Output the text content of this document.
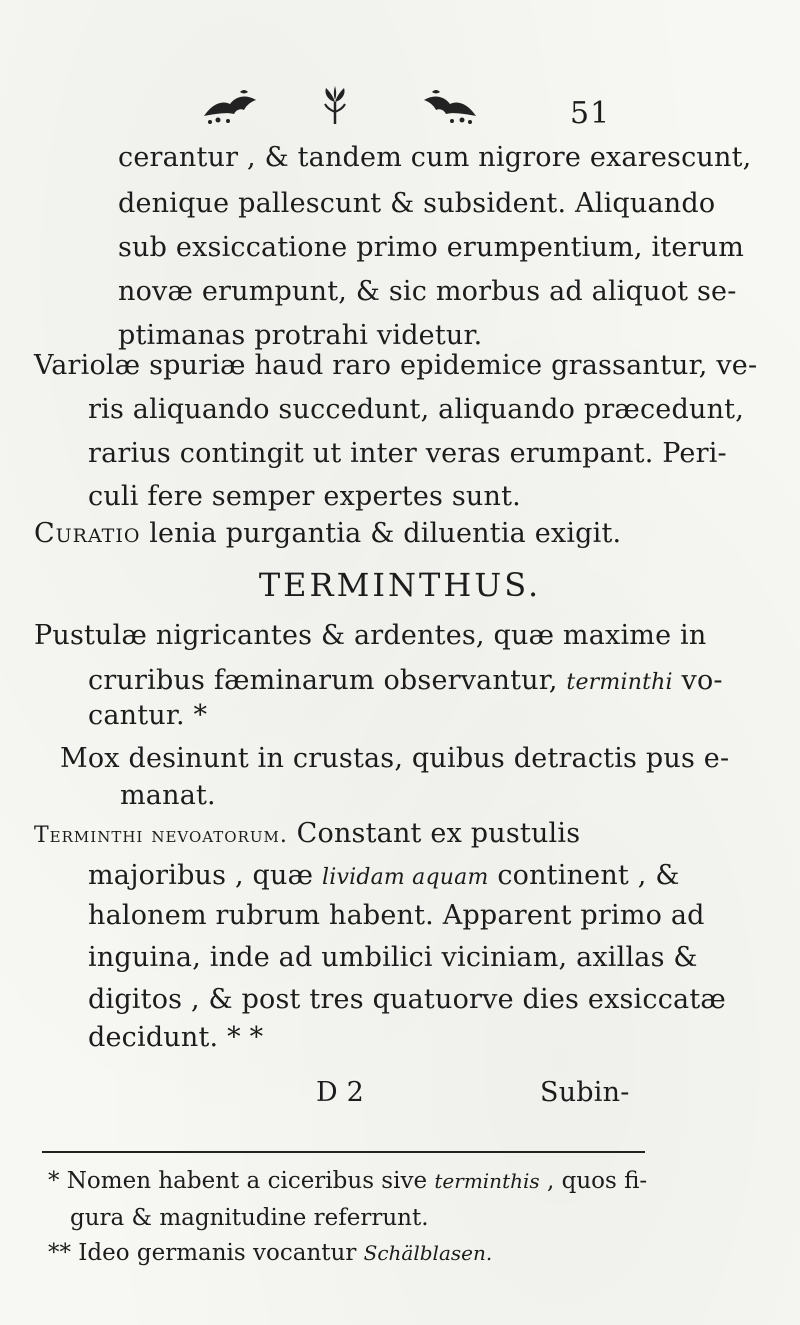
51
cerantur , & tandem cum nigrore exarescunt,
denique pallescunt & subsident. Aliquando
sub exsiccatione primo erumpentium, iterum
novæ erumpunt, & sic morbus ad aliquot se-
ptimanas protrahi videtur.
Variolæ spuriæ haud raro epidemice grassantur, ve-
ris aliquando succedunt, aliquando præcedunt,
rarius contingit ut inter veras erumpant. Peri-
culi fere semper expertes sunt.
Curatio lenia purgantia & diluentia exigit.
TERMINTHUS.
Pustulæ nigricantes & ardentes, quæ maxime in
cruribus fæminarum observantur, terminthi vo-
cantur. *
Mox desinunt in crustas, quibus detractis pus e-
manat.
Terminthi nevoatorum. Constant ex pustulis
majoribus , quæ lividam aquam continent , &
halonem rubrum habent. Apparent primo ad
inguina, inde ad umbilici viciniam, axillas &
digitos , & post tres quatuorve dies exsiccatæ
decidunt. * *
D 2	Subin-
* Nomen habent a ciceribus sive terminthis , quos fi-
gura & magnitudine referrunt.
** Ideo germanis vocantur Schälblasen.
